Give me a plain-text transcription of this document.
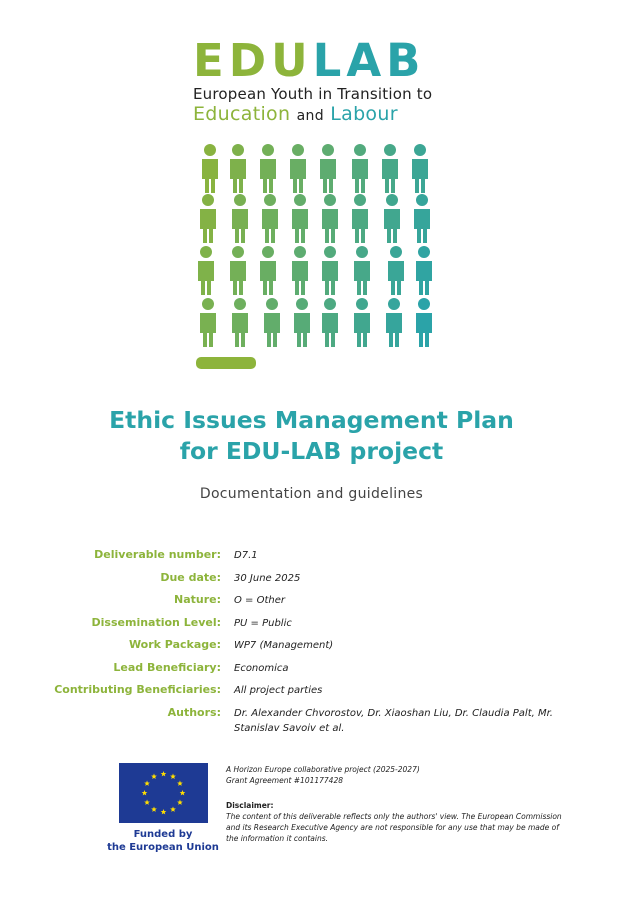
EDULAB
European Youth in Transition to
Education and Labour
Ethic Issues Management Plan
for EDU-LAB project
Documentation and guidelines
Deliverable number:	D7.1
Due date:	30 June 2025
Nature:	O = Other
Dissemination Level:	PU = Public
Work Package:	WP7 (Management)
Lead Beneficiary:	Economica
Contributing Beneficiaries:	All project parties
Authors:	Dr. Alexander Chvorostov, Dr. Xiaoshan Liu, Dr. Claudia Palt, Mr. Stanislav Savoiv et al.
Funded by
the European Union
A Horizon Europe collaborative project (2025-2027)
Grant Agreement #101177428
Disclaimer:
The content of this deliverable reflects only the authors' view. The European Commission and its Research Executive Agency are not responsible for any use that may be made of the information it contains.
